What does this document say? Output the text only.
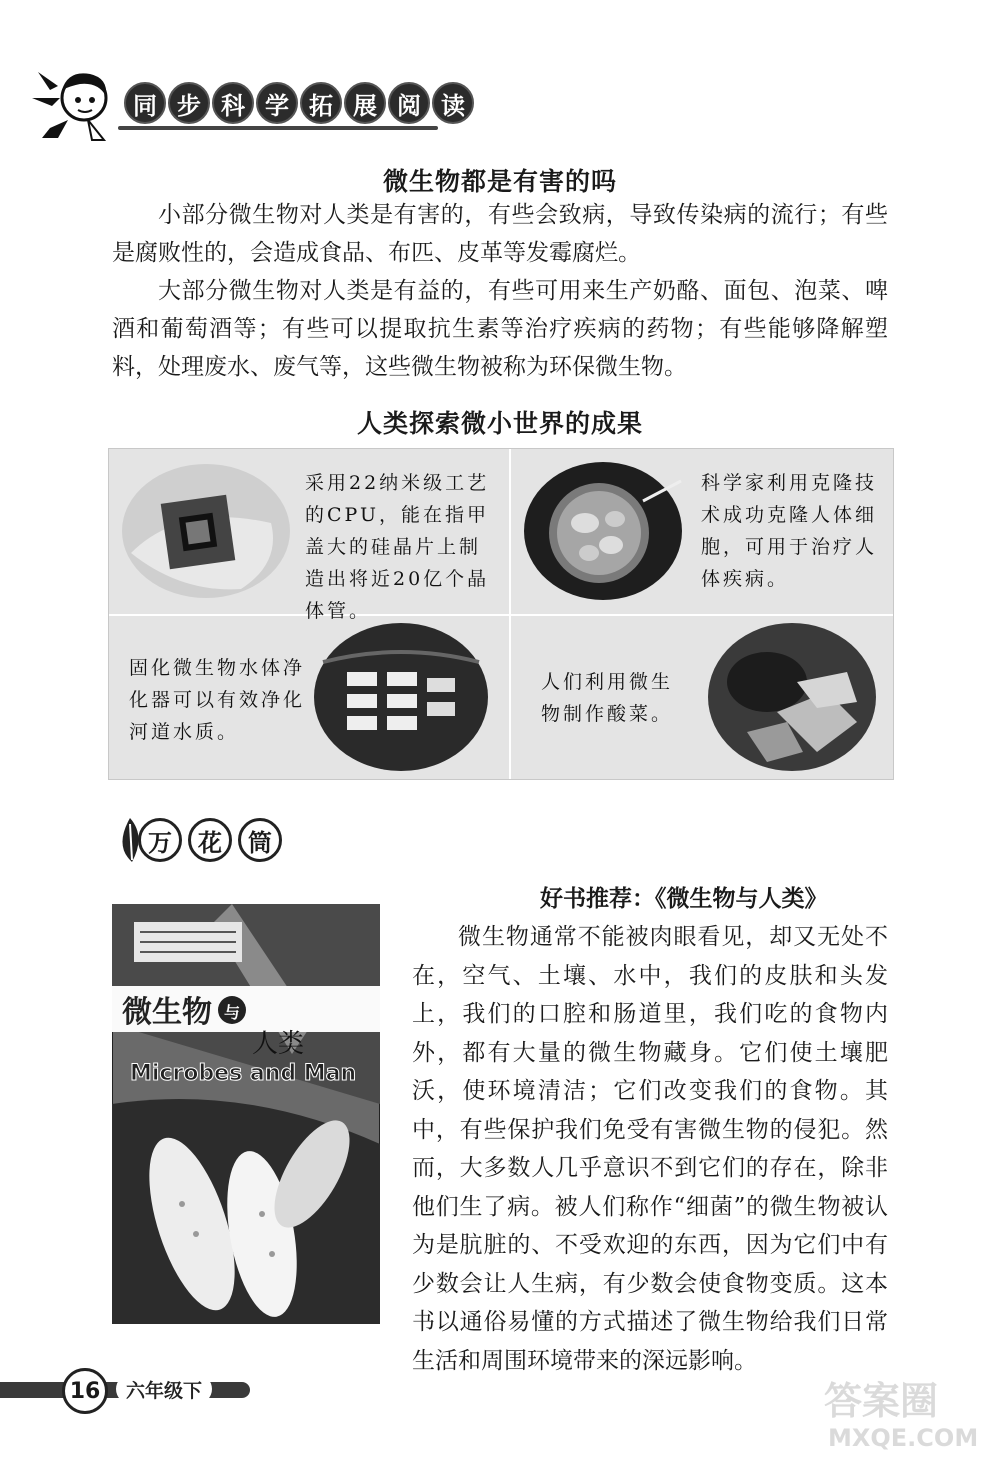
同 步 科 学 拓 展 阅 读
微生物都是有害的吗

小部分微生物对人类是有害的，有些会致病，导致传染病的流行；有些是腐败性的，会造成食品、布匹、皮革等发霉腐烂。

大部分微生物对人类是有益的，有些可用来生产奶酪、面包、泡菜、啤酒和葡萄酒等；有些可以提取抗生素等治疗疾病的药物；有些能够降解塑料，处理废水、废气等，这些微生物被称为环保微生物。

人类探索微小世界的成果
采用22纳米级工艺的CPU，能在指甲盖大的硅晶片上制造出将近20亿个晶体管。
科学家利用克隆技术成功克隆人体细胞，可用于治疗人体疾病。
固化微生物水体净化器可以有效净化河道水质。
人们利用微生物制作酸菜。
万	花	筒
微生物 与
人类
Microbes and Man
好书推荐：《微生物与人类》

微生物通常不能被肉眼看见，却又无处不在，空气、土壤、水中，我们的皮肤和头发上，我们的口腔和肠道里，我们吃的食物内外，都有大量的微生物藏身。它们使土壤肥沃，使环境清洁；它们改变我们的食物。其中，有些保护我们免受有害微生物的侵犯。然而，大多数人几乎意识不到它们的存在，除非他们生了病。被人们称作“细菌”的微生物被认为是肮脏的、不受欢迎的东西，因为它们中有少数会让人生病，有少数会使食物变质。这本书以通俗易懂的方式描述了微生物给我们日常生活和周围环境带来的深远影响。

16	六年级下	答案圈
MXQE.COM
